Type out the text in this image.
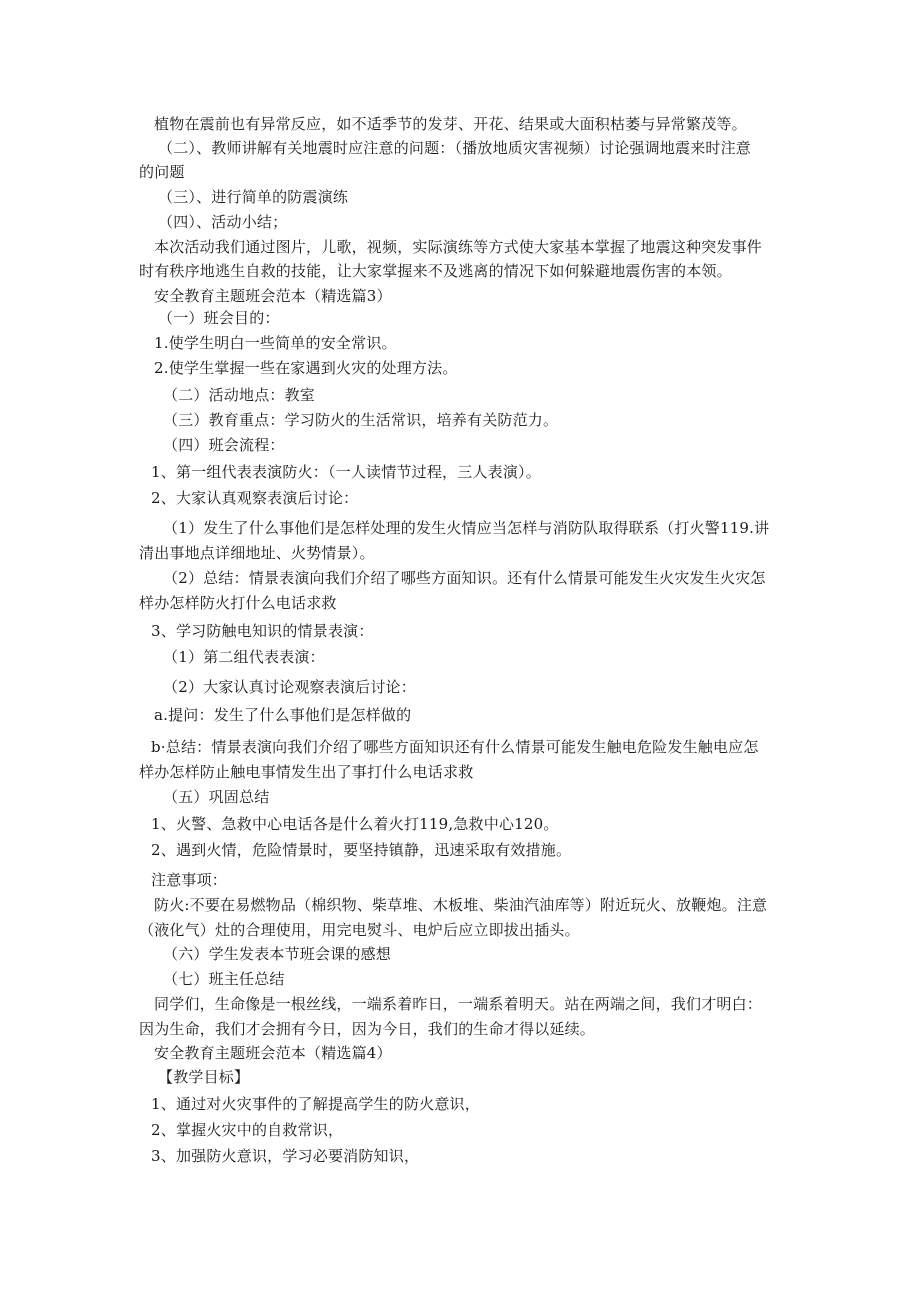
植物在震前也有异常反应，如不适季节的发芽、开花、结果或大面积枯萎与异常繁茂等。
（二）、教师讲解有关地震时应注意的问题：（播放地质灾害视频）讨论强调地震来时注意
的问题
（三）、进行简单的防震演练
（四）、活动小结；
本次活动我们通过图片，儿歌，视频，实际演练等方式使大家基本掌握了地震这种突发事件
时有秩序地逃生自救的技能，让大家掌握来不及逃离的情况下如何躲避地震伤害的本领。
安全教育主题班会范本（精选篇3）
（一）班会目的：
1.使学生明白一些简单的安全常识。
2.使学生掌握一些在家遇到火灾的处理方法。
（二）活动地点：教室
（三）教育重点：学习防火的生活常识，培养有关防范力。
（四）班会流程：
1、第一组代表表演防火：（一人读情节过程，三人表演）。
2、大家认真观察表演后讨论：
（1）发生了什么事他们是怎样处理的发生火情应当怎样与消防队取得联系（打火警119.讲
清出事地点详细地址、火势情景）。
（2）总结：情景表演向我们介绍了哪些方面知识。还有什么情景可能发生火灾发生火灾怎
样办怎样防火打什么电话求救
3、学习防触电知识的情景表演：
（1）第二组代表表演：
（2）大家认真讨论观察表演后讨论：
a.提问：发生了什么事他们是怎样做的
b·总结：情景表演向我们介绍了哪些方面知识还有什么情景可能发生触电危险发生触电应怎
样办怎样防止触电事情发生出了事打什么电话求救
（五）巩固总结
1、火警、急救中心电话各是什么着火打119,急救中心120。
2、遇到火情，危险情景时，要坚持镇静，迅速采取有效措施。
注意事项：
防火:不要在易燃物品（棉织物、柴草堆、木板堆、柴油汽油库等）附近玩火、放鞭炮。注意
（液化气）灶的合理使用，用完电熨斗、电炉后应立即拔出插头。
（六）学生发表本节班会课的感想
（七）班主任总结
同学们，生命像是一根丝线，一端系着昨日，一端系着明天。站在两端之间，我们才明白：
因为生命，我们才会拥有今日，因为今日，我们的生命才得以延续。
安全教育主题班会范本（精选篇4）
【教学目标】
1、通过对火灾事件的了解提高学生的防火意识，
2、掌握火灾中的自救常识，
3、加强防火意识，学习必要消防知识，
